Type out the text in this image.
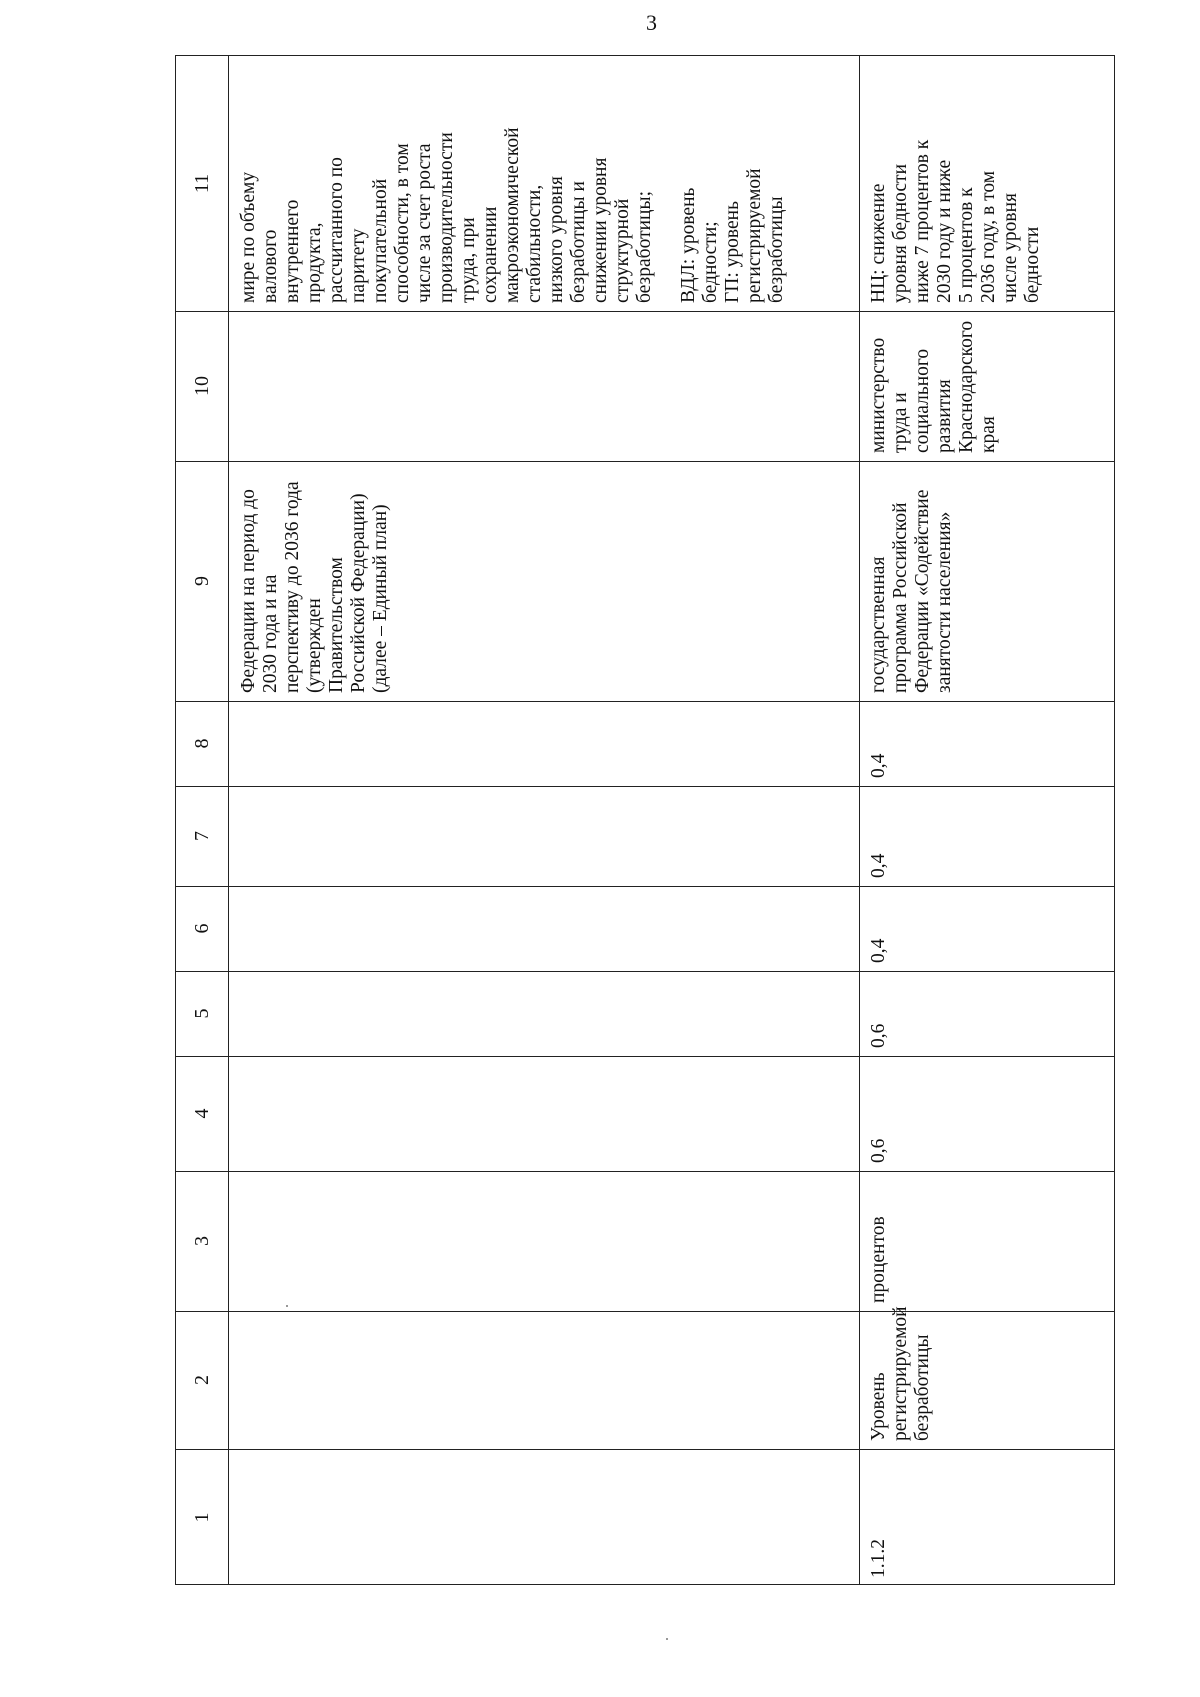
3
1
2
3
4
5
6
7
8
9
10
11
Федерации на период до
2030 года и на
перспективу до 2036 года
(утвержден
Правительством
Российской Федерации)
(далее – Единый план)
мире по объему
валового
внутреннего
продукта,
рассчитанного по
паритету
покупательной
способности, в том
числе за счет роста
производительности
труда, при
сохранении
макроэкономической
стабильности,
низкого уровня
безработицы и
снижении уровня
структурной
безработицы;

ВДЛ: уровень
бедности;
ГП: уровень
регистрируемой
безработицы
1.1.2
Уровень
регистрируемой
безработицы
процентов
0,6
0,6
0,4
0,4
0,4
государственная
программа Российской
Федерации «Содействие
занятости населения»
министерство
труда и
социального
развития
Краснодарского
края
НЦ: снижение
уровня бедности
ниже 7 процентов к
2030 году и ниже
5 процентов к
2036 году, в том
числе уровня
бедности
